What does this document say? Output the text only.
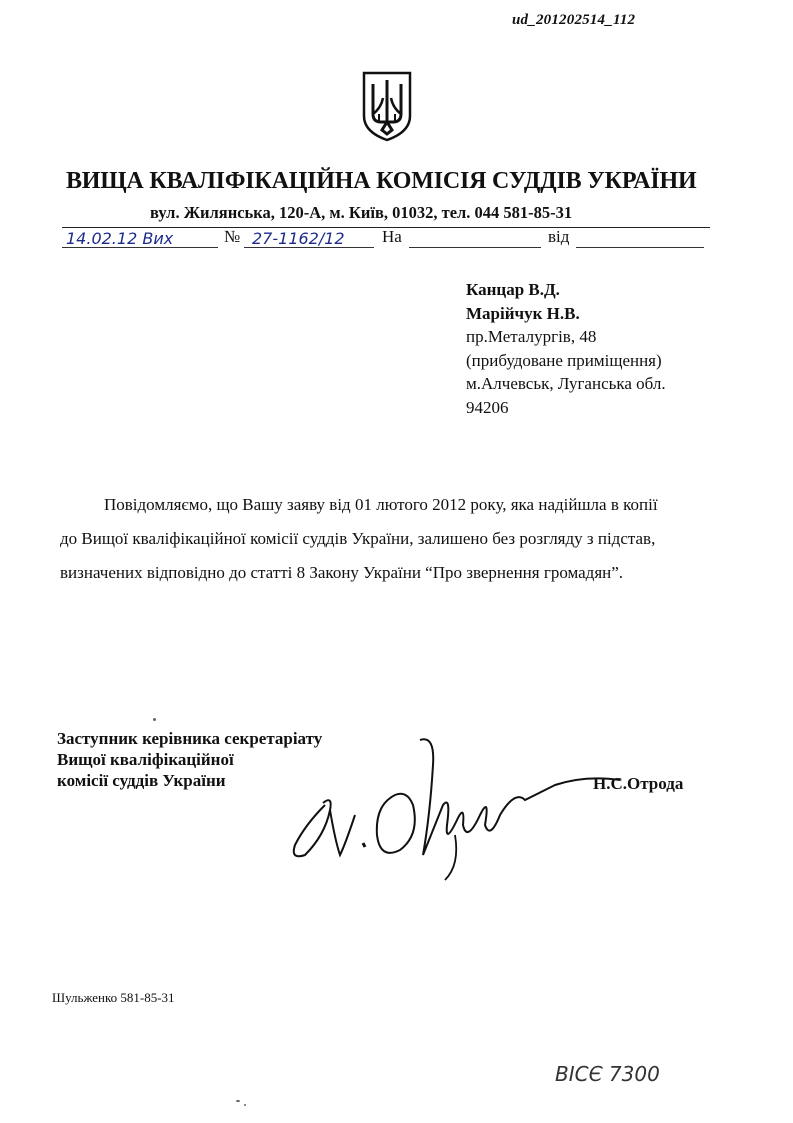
ud_201202514_112
ВИЩА КВАЛІФІКАЦІЙНА КОМІСІЯ СУДДІВ УКРАЇНИ
вул. Жилянська, 120-А, м. Київ, 01032, тел. 044 581-85-31
14.02.12 Вих	№ 27-1162/12 На	від
Канцар В.Д.
Марійчук Н.В.
пр.Металургів, 48
(прибудоване приміщення)
м.Алчевськ, Луганська обл.
94206

Повідомляємо, що Вашу заяву від 01 лютого 2012 року, яка надійшла в копії

до Вищої кваліфікаційної комісії суддів України, залишено без розгляду з підстав,

визначених відповідно до статті 8 Закону України “Про звернення громадян”.

Заступник керівника секретаріату
Вищої кваліфікаційної
комісії суддів України	Н.С.Отрода
Шульженко 581-85-31
ВІСЄ 7300
